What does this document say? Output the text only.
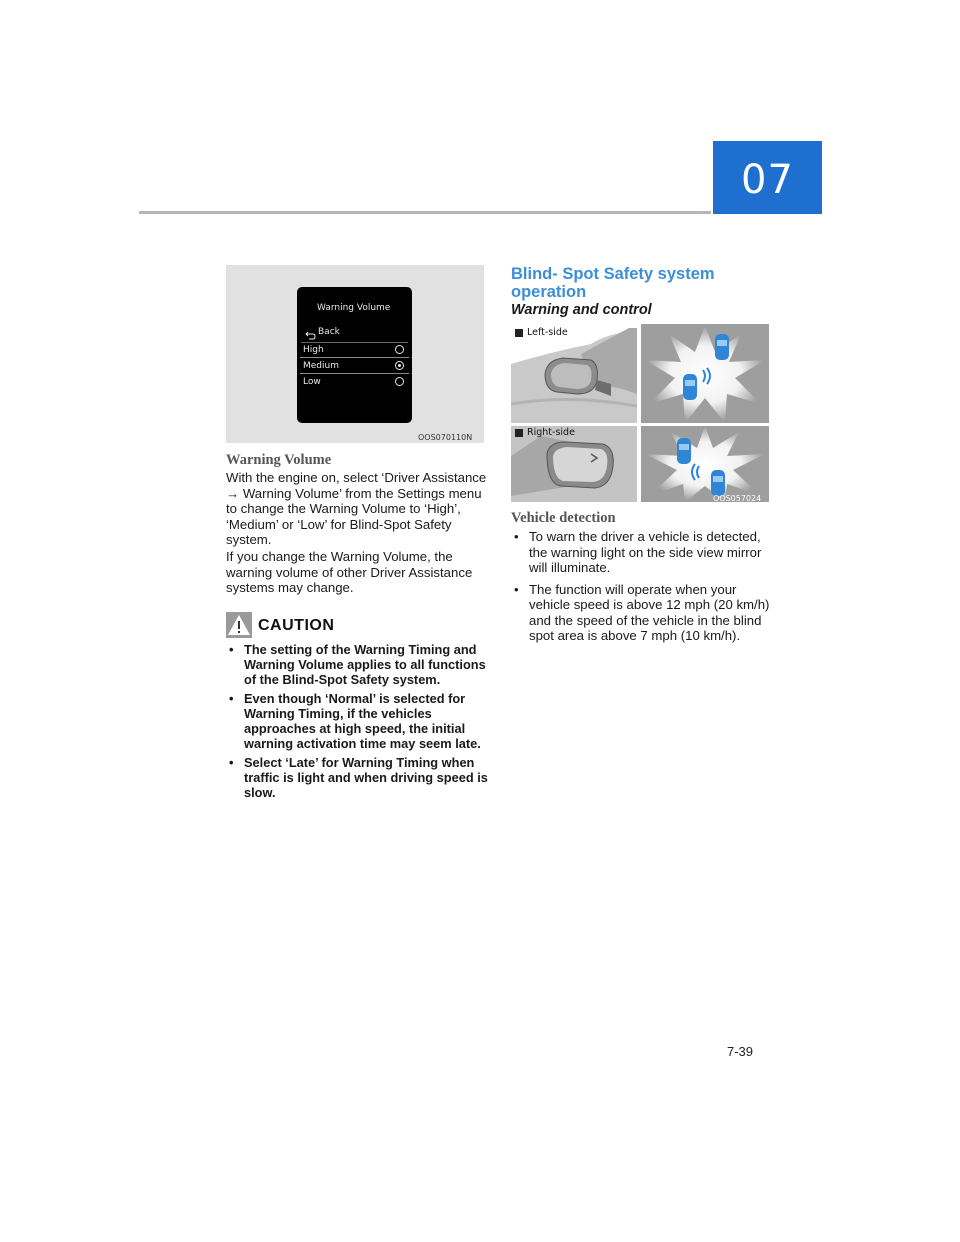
07
Warning Volume
Back
High
Medium
Low
OOS070110N
Warning Volume

With the engine on, select ‘Driver Assistance → Warning Volume’ from the Settings menu to change the Warning Volume to ‘High’, ‘Medium’ or ‘Low’ for Blind-Spot Safety system.

If you change the Warning Volume, the warning volume of other Driver Assistance systems may change.

CAUTION
• The setting of the Warning Timing and Warning Volume applies to all functions of the Blind-Spot Safety system.
• Even though ‘Normal’ is selected for Warning Timing, if the vehicles approaches at high speed, the initial warning activation time may seem late.
• Select ‘Late’ for Warning Timing when traffic is light and when driving speed is slow.
Blind- Spot Safety system operation
Warning and control
Left-side
Right-side
OOS057024
Vehicle detection
• To warn the driver a vehicle is detected, the warning light on the side view mirror will illuminate.
• The function will operate when your vehicle speed is above 12 mph (20 km/h) and the speed of the vehicle in the blind spot area is above 7 mph (10 km/h).
7-39
